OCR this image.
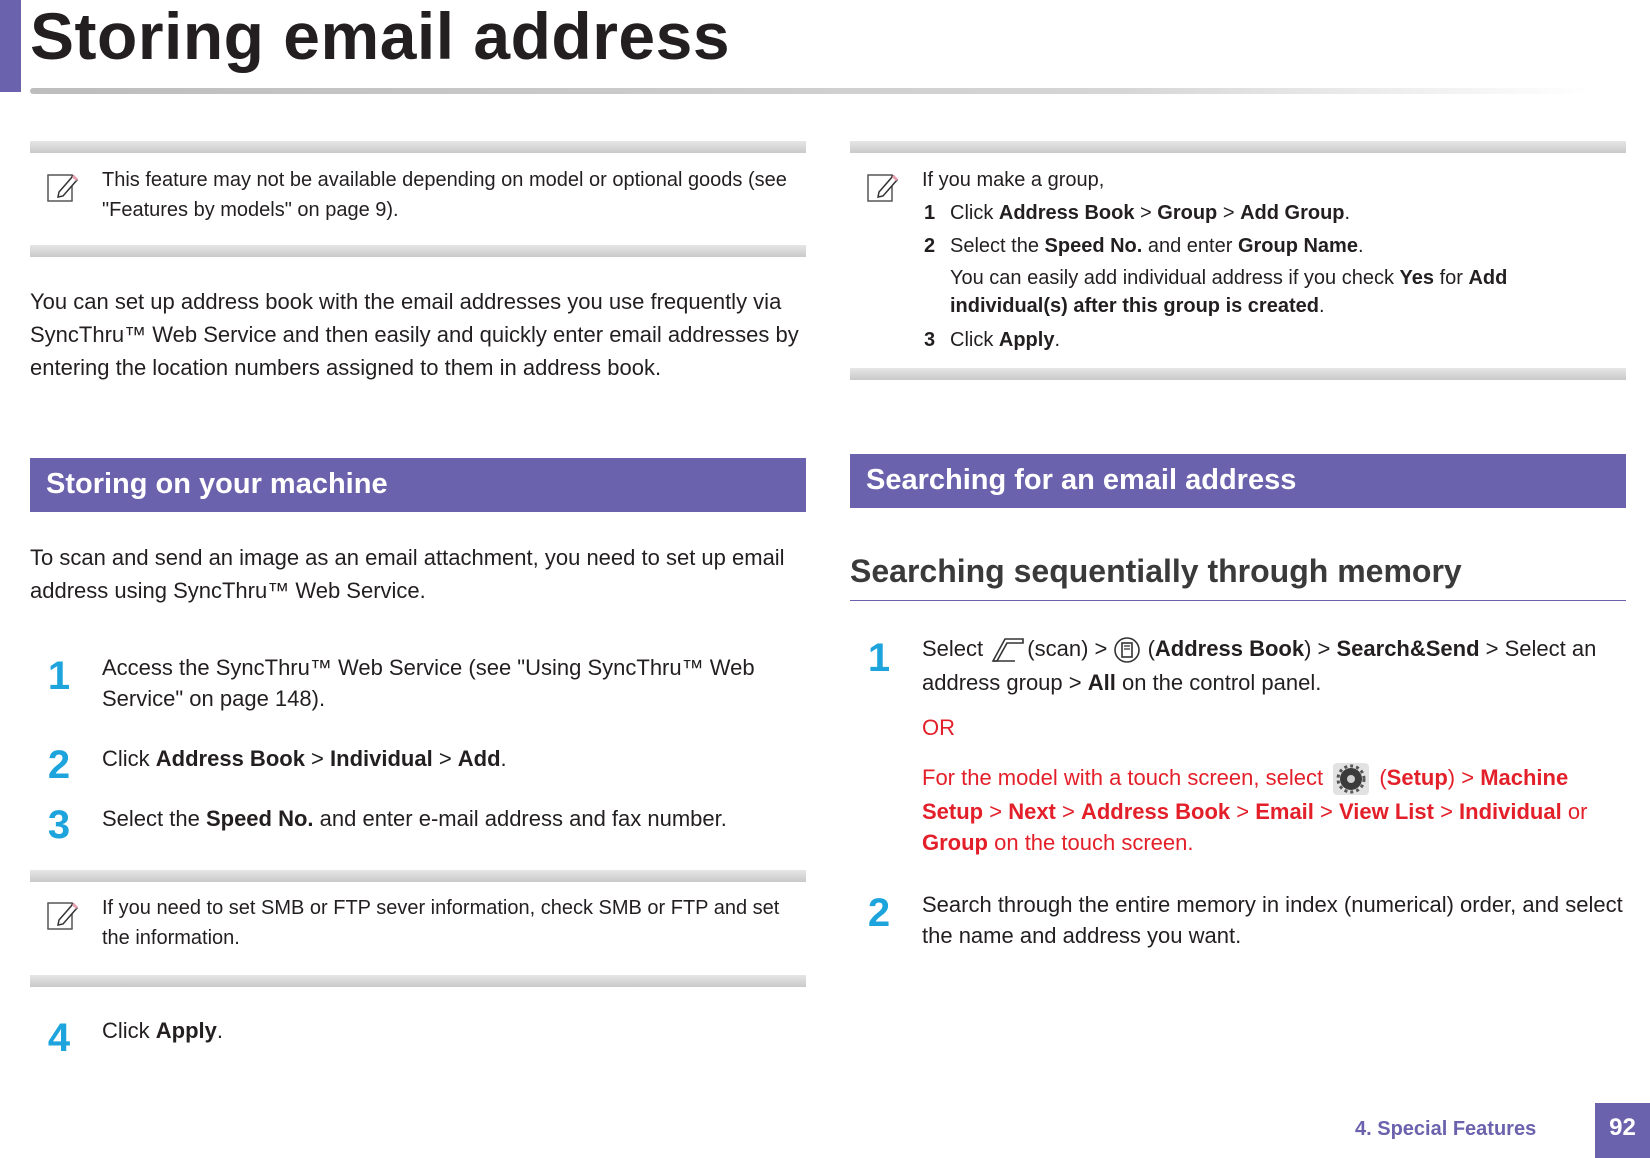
Storing email address
This feature may not be available depending on model or optional goods (see "Features by models" on page 9).
You can set up address book with the email addresses you use frequently via SyncThru™ Web Service and then easily and quickly enter email addresses by entering the location numbers assigned to them in address book.
Storing on your machine
To scan and send an image as an email attachment, you need to set up email address using SyncThru™ Web Service.
1 Access the SyncThru™ Web Service (see "Using SyncThru™ Web Service" on page 148).
2 Click Address Book > Individual > Add.
3 Select the Speed No. and enter e-mail address and fax number.
If you need to set SMB or FTP sever information, check SMB or FTP and set the information.
4 Click Apply.
If you make a group,
1 Click Address Book > Group > Add Group.
2 Select the Speed No. and enter Group Name.
You can easily add individual address if you check Yes for Add individual(s) after this group is created.
3 Click Apply.
Searching for an email address
Searching sequentially through memory
1 Select (scan) >  (Address Book) > Search&Send > Select an address group > All on the control panel.
OR
For the model with a touch screen, select  (Setup) > Machine Setup > Next > Address Book > Email > View List > Individual or Group on the touch screen.
2 Search through the entire memory in index (numerical) order, and select the name and address you want.
4. Special Features	92
